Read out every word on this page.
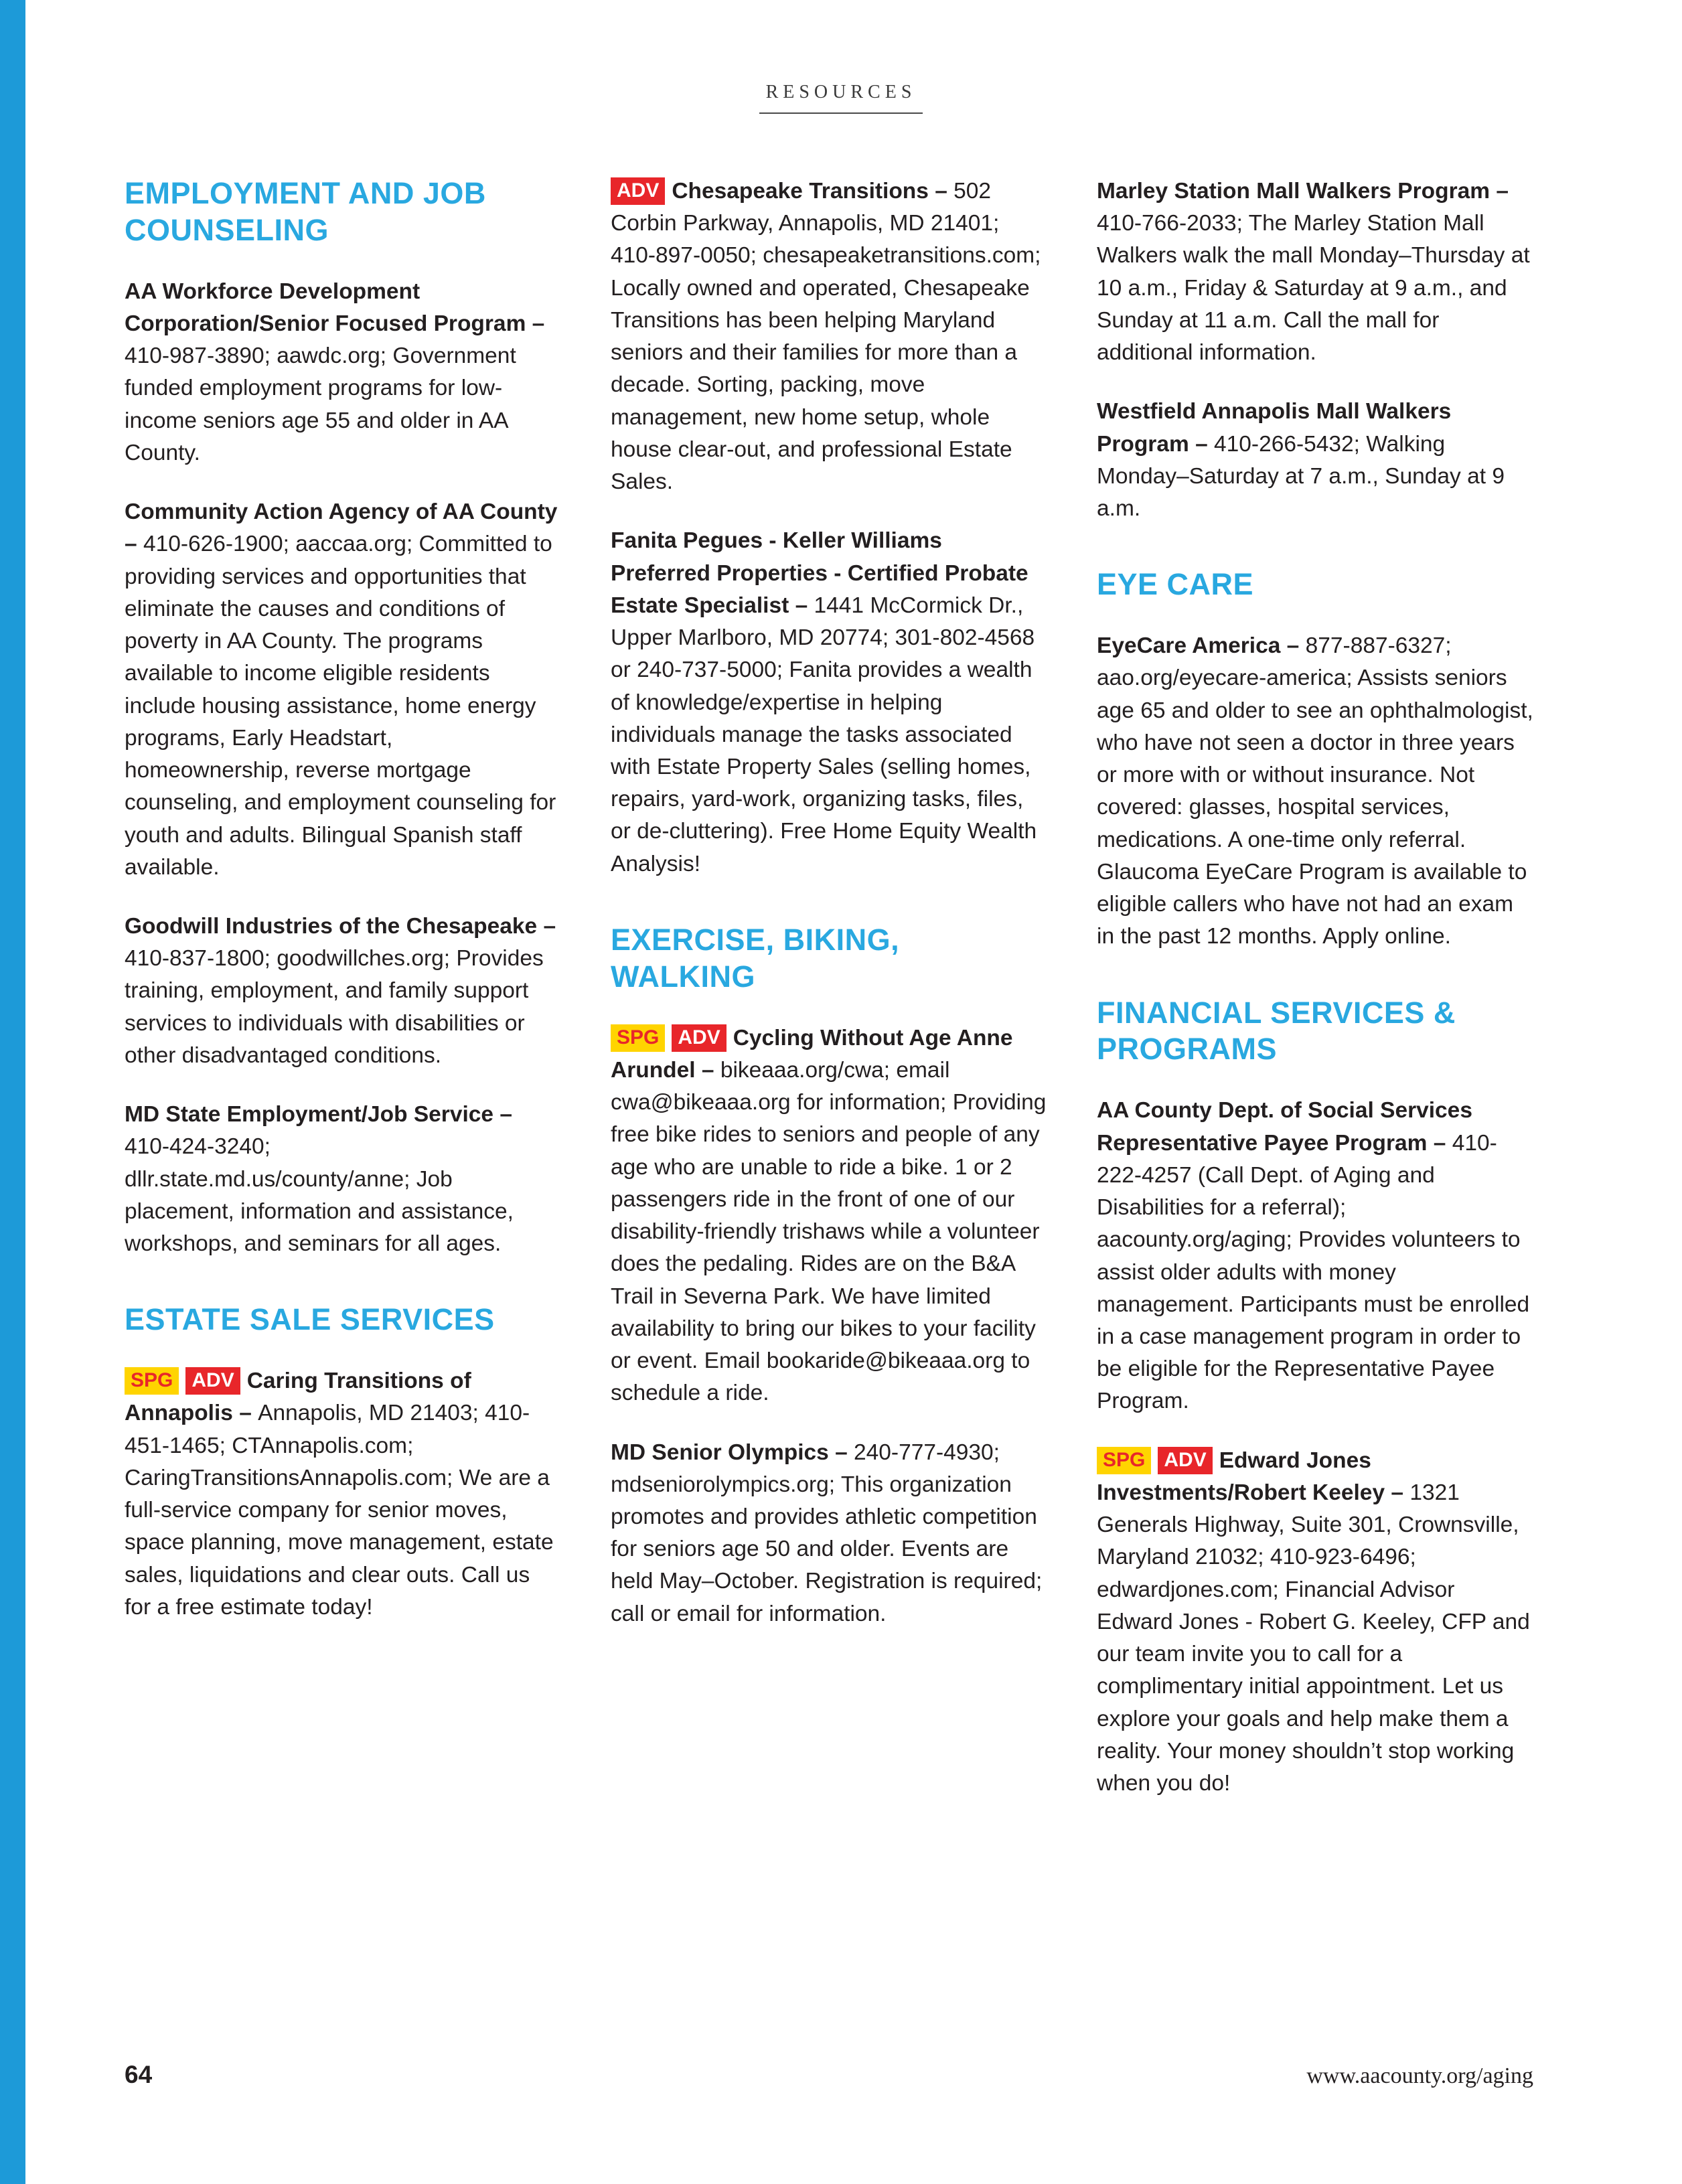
RESOURCES
EMPLOYMENT AND JOB COUNSELING

AA Workforce Development Corporation/Senior Focused Program – 410-987-3890; aawdc.org; Government funded employment programs for low-income seniors age 55 and older in AA County.

Community Action Agency of AA County – 410-626-1900; aaccaa.org; Committed to providing services and opportunities that eliminate the causes and conditions of poverty in AA County. The programs available to income eligible residents include housing assistance, home energy programs, Early Headstart, homeownership, reverse mortgage counseling, and employment counseling for youth and adults. Bilingual Spanish staff available.

Goodwill Industries of the Chesapeake – 410-837-1800; goodwillches.org; Provides training, employment, and family support services to individuals with disabilities or other disadvantaged conditions.

MD State Employment/Job Service – 410-424-3240; dllr.state.md.us/county/anne; Job placement, information and assistance, workshops, and seminars for all ages.

ESTATE SALE SERVICES

SPG ADV Caring Transitions of Annapolis – Annapolis, MD 21403; 410-451-1465; CTAnnapolis.com; CaringTransitionsAnnapolis.com; We are a full-service company for senior moves, space planning, move management, estate sales, liquidations and clear outs. Call us for a free estimate today!

ADV Chesapeake Transitions – 502 Corbin Parkway, Annapolis, MD 21401; 410-897-0050; chesapeaketransitions.com; Locally owned and operated, Chesapeake Transitions has been helping Maryland seniors and their families for more than a decade. Sorting, packing, move management, new home setup, whole house clear-out, and professional Estate Sales.

Fanita Pegues - Keller Williams Preferred Properties - Certified Probate Estate Specialist – 1441 McCormick Dr., Upper Marlboro, MD 20774; 301-802-4568 or 240-737-5000; Fanita provides a wealth of knowledge/expertise in helping individuals manage the tasks associated with Estate Property Sales (selling homes, repairs, yard-work, organizing tasks, files, or de-cluttering). Free Home Equity Wealth Analysis!

EXERCISE, BIKING, WALKING

SPG ADV Cycling Without Age Anne Arundel – bikeaaa.org/cwa; email cwa@bikeaaa.org for information; Providing free bike rides to seniors and people of any age who are unable to ride a bike. 1 or 2 passengers ride in the front of one of our disability-friendly trishaws while a volunteer does the pedaling. Rides are on the B&A Trail in Severna Park. We have limited availability to bring our bikes to your facility or event. Email bookaride@bikeaaa.org to schedule a ride.

MD Senior Olympics – 240-777-4930; mdseniorolympics.org; This organization promotes and provides athletic competition for seniors age 50 and older. Events are held May–October. Registration is required; call or email for information.

Marley Station Mall Walkers Program – 410-766-2033; The Marley Station Mall Walkers walk the mall Monday–Thursday at 10 a.m., Friday & Saturday at 9 a.m., and Sunday at 11 a.m. Call the mall for additional information.

Westfield Annapolis Mall Walkers Program – 410-266-5432; Walking Monday–Saturday at 7 a.m., Sunday at 9 a.m.

EYE CARE

EyeCare America – 877-887-6327; aao.org/eyecare-america; Assists seniors age 65 and older to see an ophthalmologist, who have not seen a doctor in three years or more with or without insurance. Not covered: glasses, hospital services, medications. A one-time only referral. Glaucoma EyeCare Program is available to eligible callers who have not had an exam in the past 12 months. Apply online.

FINANCIAL SERVICES & PROGRAMS

AA County Dept. of Social Services Representative Payee Program – 410-222-4257 (Call Dept. of Aging and Disabilities for a referral); aacounty.org/aging; Provides volunteers to assist older adults with money management. Participants must be enrolled in a case management program in order to be eligible for the Representative Payee Program.

SPG ADV Edward Jones Investments/Robert Keeley – 1321 Generals Highway, Suite 301, Crownsville, Maryland 21032; 410-923-6496; edwardjones.com; Financial Advisor Edward Jones - Robert G. Keeley, CFP and our team invite you to call for a complimentary initial appointment. Let us explore your goals and help make them a reality. Your money shouldn’t stop working when you do!

64	www.aacounty.org/aging
